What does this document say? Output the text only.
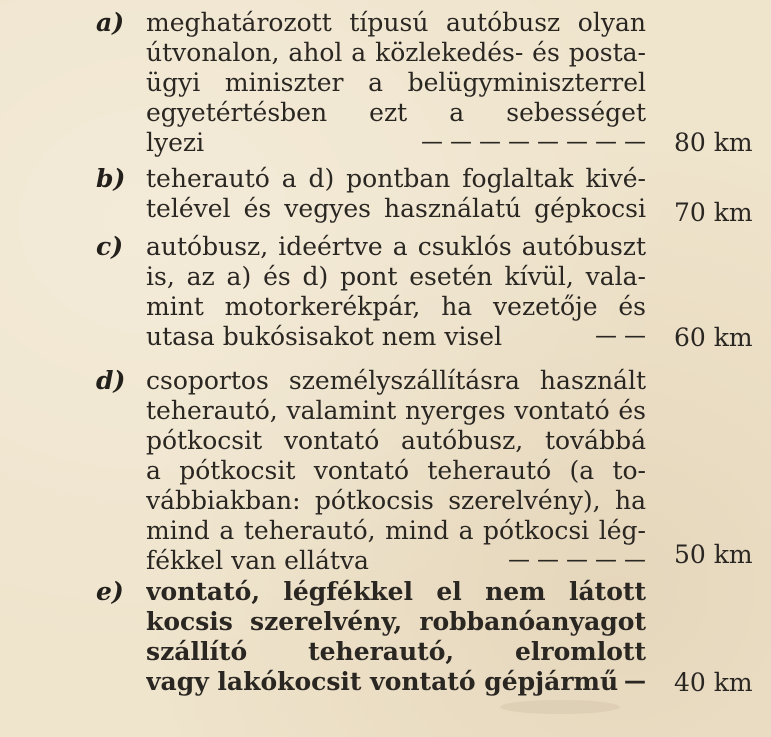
a) meghatározott típusú autóbusz olyan
útvonalon, ahol a közlekedés- és posta-
ügyi miniszter a belügyminiszterrel
egyetértésben ezt a sebességet
lyezi	— — — — — — — — 80 km
b) teherautó a d) pontban foglaltak kivé-
telével és vegyes használatú gépkocsi 70 km
c) autóbusz, ideértve a csuklós autóbuszt
is, az a) és d) pont esetén kívül, vala-
mint motorkerékpár, ha vezetője és
utasa bukósisakot nem visel	— — 60 km
d) csoportos személyszállításra használt
teherautó, valamint nyerges vontató és
pótkocsit vontató autóbusz, továbbá
a pótkocsit vontató teherautó (a to-
vábbiakban: pótkocsis szerelvény), ha
mind a teherautó, mind a pótkocsi lég-
fékkel van ellátva	— — — — — 50 km
e) vontató, légfékkel el nem látott
kocsis szerelvény, robbanóanyagot
szállító teherautó, elromlott
vagy lakókocsit vontató gépjármű — 40 km
